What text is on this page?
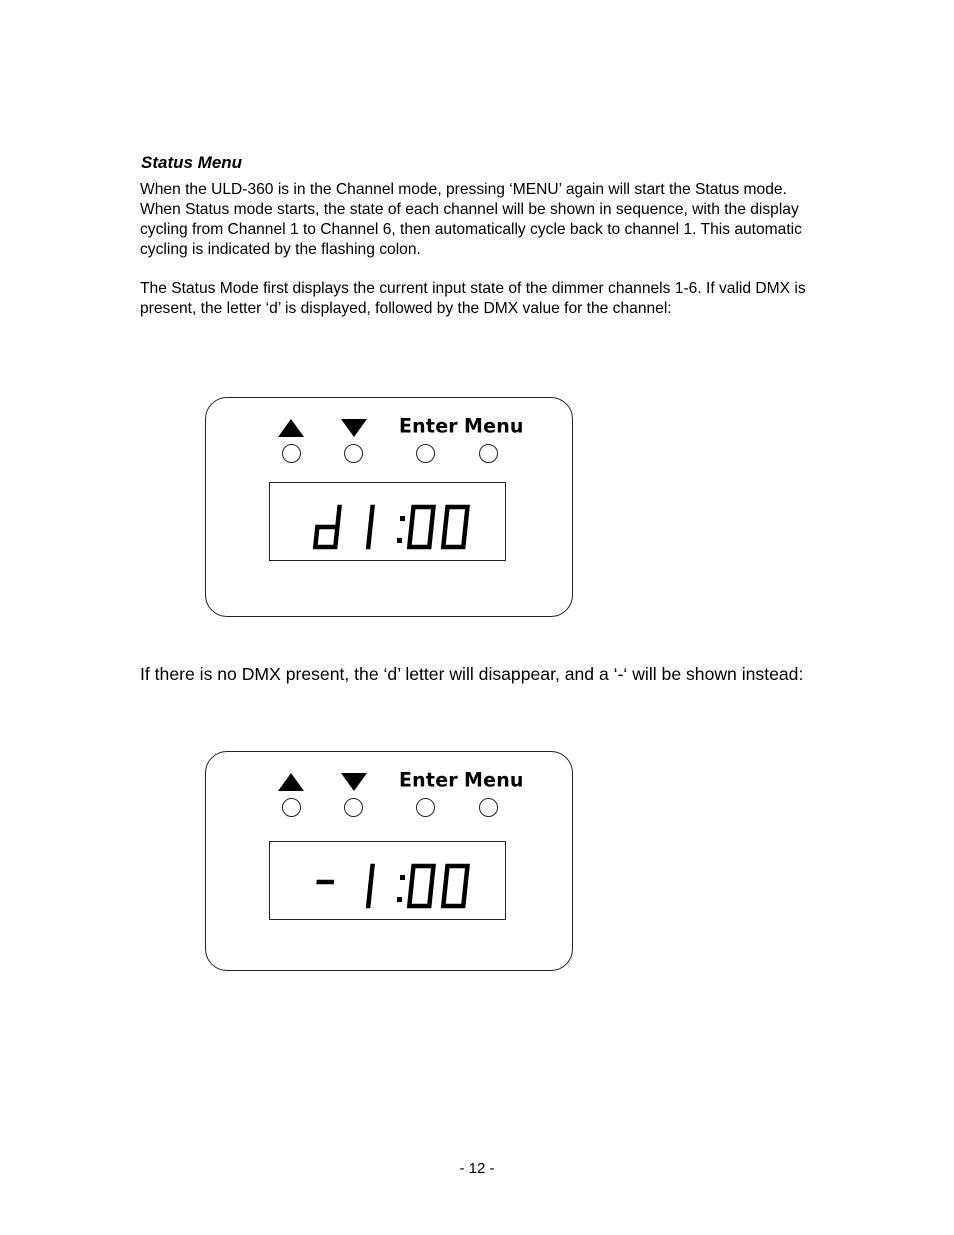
Status Menu

When the ULD-360 is in the Channel mode, pressing ‘MENU’ again will start the Status mode. When Status mode starts, the state of each channel will be shown in sequence, with the display cycling from Channel 1 to Channel 6, then automatically cycle back to channel 1. This automatic cycling is indicated by the flashing colon.

The Status Mode first displays the current input state of the dimmer channels 1-6. If valid DMX is present, the letter ‘d’ is displayed, followed by the DMX value for the channel:

Enter Menu

If there is no DMX present, the ‘d’ letter will disappear, and a ‘-‘ will be shown instead:

Enter Menu
- 12 -
